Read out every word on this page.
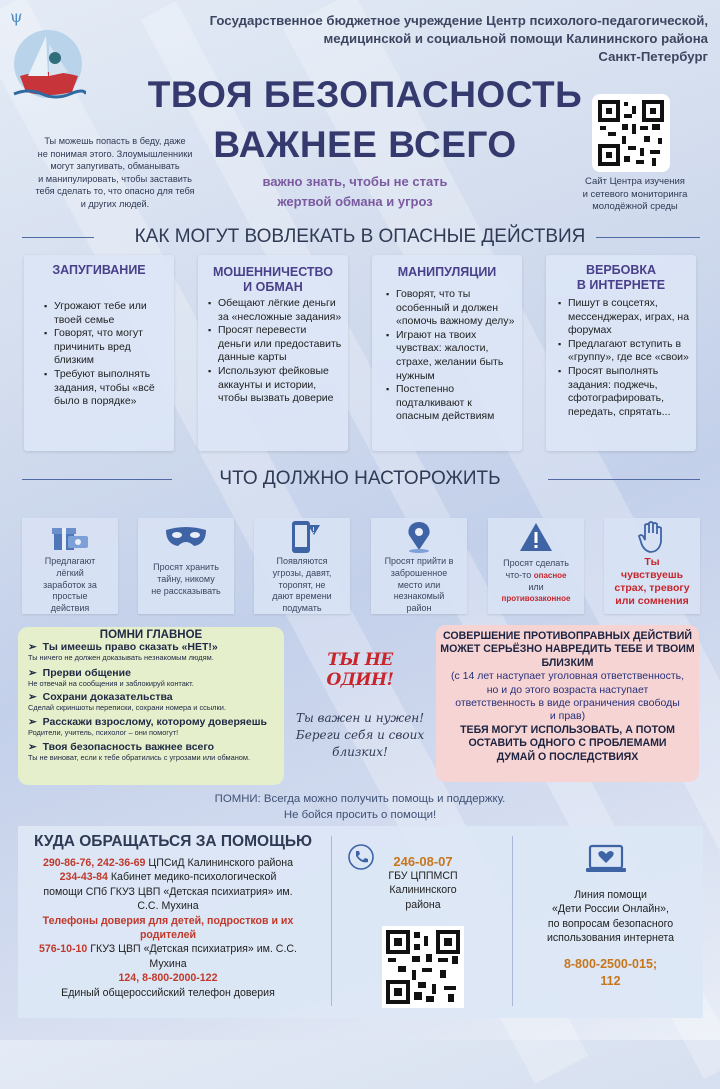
ψ	Государственное бюджетное учреждение Центр психолого-педагогической,
медицинской и социальной помощи Калининского района
Санкт-Петербург
ТВОЯ БЕЗОПАСНОСТЬ
ВАЖНЕЕ ВСЕГО
Ты можешь попасть в беду, даже
не понимая этого. Злоумышленники
могут запугивать, обманывать
и манипулировать, чтобы заставить
тебя сделать то, что опасно для тебя
и других людей.
важно знать, чтобы не стать
жертвой обмана и угроз
Сайт Центра изучения
и сетевого мониторинга
молодёжной среды
КАК МОГУТ ВОВЛЕКАТЬ В ОПАСНЫЕ ДЕЙСТВИЯ
ЗАПУГИВАНИЕ
▪ Угрожают тебе или твоей семье
▪ Говорят, что могут причинить вред близким
▪ Требуют выполнять задания, чтобы «всё было в порядке»
МОШЕННИЧЕСТВО
И ОБМАН
▪ Обещают лёгкие деньги за «несложные задания»
▪ Просят перевести деньги или предоставить данные карты
▪ Используют фейковые аккаунты и истории, чтобы вызвать доверие
МАНИПУЛЯЦИИ
▪ Говорят, что ты особенный и должен «помочь важному делу»
▪ Играют на твоих чувствах: жалости, страхе, желании быть нужным
▪ Постепенно подталкивают к опасным действиям
ВЕРБОВКА
В ИНТЕРНЕТЕ
▪ Пишут в соцсетях, мессенджерах, играх, на форумах
▪ Предлагают вступить в «группу», где все «свои»
▪ Просят выполнять задания: поджечь, сфотографировать, передать, спрятать...
ЧТО ДОЛЖНО НАСТОРОЖИТЬ
Предлагают
лёгкий
заработок за
простые
действия
Просят хранить
тайну, никому
не рассказывать
!
Появляются
угрозы, давят,
торопят, не
дают времени
подумать
Просят прийти в
заброшенное
место или
незнакомый
район
Просят сделать
что-то опасное
или
противозаконное
Ты
чувствуешь
страх, тревогу
или сомнения
ПОМНИ ГЛАВНОЕ
➢  Ты имеешь право сказать «НЕТ!»
Ты ничего не должен доказывать незнакомым людям.
➢  Прерви общение
Не отвечай на сообщения и заблокируй контакт.
➢  Сохрани доказательства
Сделай скриншоты переписки, сохрани номера и ссылки.
➢  Расскажи взрослому, которому доверяешь
Родители, учитель, психолог – они помогут!
➢  Твоя безопасность важнее всего
Ты не виноват, если к тебе обратились с угрозами или обманом.
ТЫ НЕ ОДИН!
Ты важен и нужен!
Береги себя и своих
близких!
СОВЕРШЕНИЕ ПРОТИВОПРАВНЫХ ДЕЙСТВИЙ
МОЖЕТ СЕРЬЁЗНО НАВРЕДИТЬ ТЕБЕ И ТВОИМ
БЛИЗКИМ
(с 14 лет наступает уголовная ответственность,
но и до этого возраста наступает
ответственность в виде ограничения свободы
и прав)
ТЕБЯ МОГУТ ИСПОЛЬЗОВАТЬ, А ПОТОМ
ОСТАВИТЬ ОДНОГО С ПРОБЛЕМАМИ
ДУМАЙ О ПОСЛЕДСТВИЯХ
ПОМНИ: Всегда можно получить помощь и поддержку.
Не бойся просить о помощи!
КУДА ОБРАЩАТЬСЯ ЗА ПОМОЩЬЮ
290-86-76, 242-36-69 ЦПСиД Калининского района
234-43-84 Кабинет медико-психологической
помощи СПб ГКУЗ ЦВП «Детская психиатрия» им.
С.С. Мухина
Телефоны доверия для детей, подростков и их
родителей
576-10-10 ГКУЗ ЦВП «Детская психиатрия» им. С.С.
Мухина
124, 8-800-2000-122
Единый общероссийский телефон доверия
246-08-07
ГБУ ЦППМСП
Калининского
района
Линия помощи
«Дети России Онлайн»,
по вопросам безопасного
использования интернета
8-800-2500-015;
112
